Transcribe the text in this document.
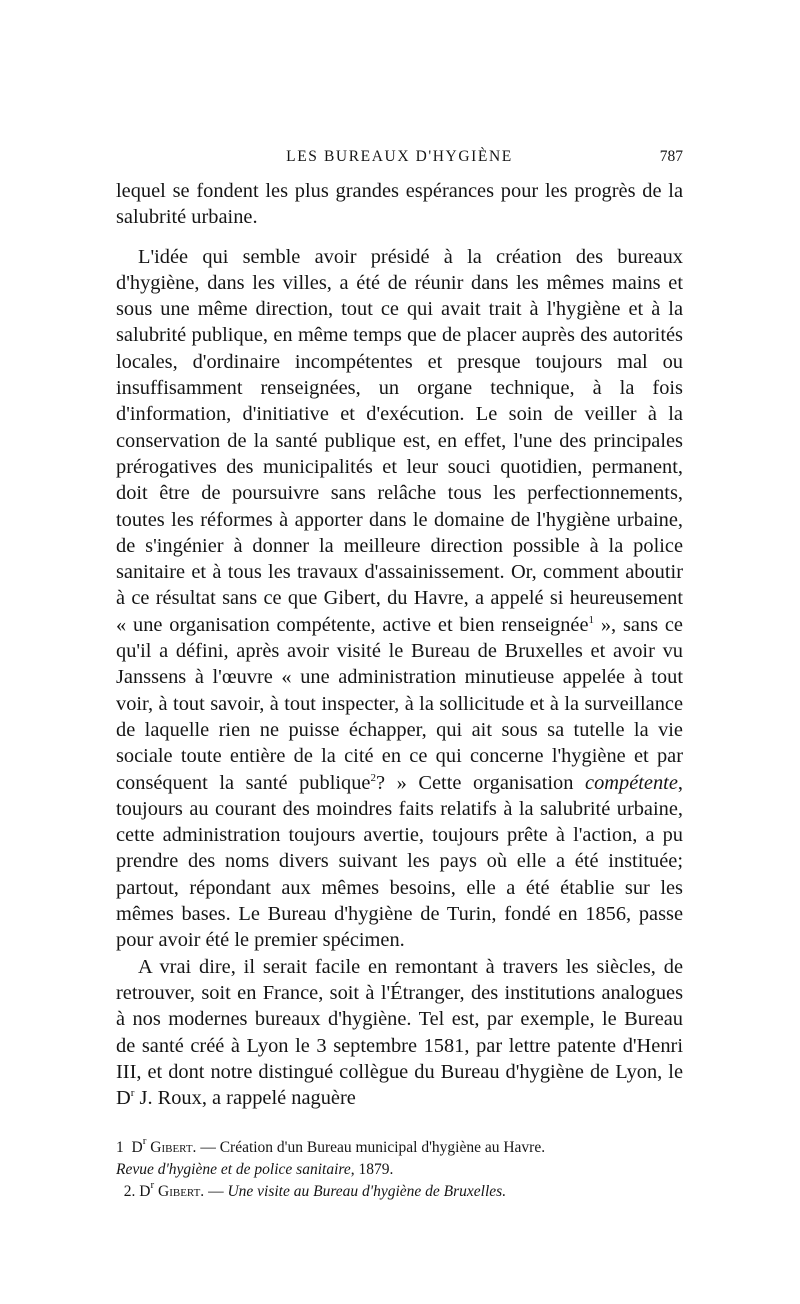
LES BUREAUX D'HYGIÈNE	787

lequel se fondent les plus grandes espérances pour les progrès de la salubrité urbaine.

L'idée qui semble avoir présidé à la création des bureaux d'hygiène, dans les villes, a été de réunir dans les mêmes mains et sous une même direction, tout ce qui avait trait à l'hygiène et à la salubrité publique, en même temps que de placer auprès des autorités locales, d'ordinaire incompétentes et presque toujours mal ou insuffisamment renseignées, un organe technique, à la fois d'information, d'initiative et d'exécution. Le soin de veiller à la conservation de la santé publique est, en effet, l'une des principales prérogatives des municipalités et leur souci quotidien, permanent, doit être de poursuivre sans relâche tous les perfectionnements, toutes les réformes à apporter dans le domaine de l'hygiène urbaine, de s'ingénier à donner la meilleure direction possible à la police sanitaire et à tous les travaux d'assainissement. Or, comment aboutir à ce résultat sans ce que Gibert, du Havre, a appelé si heureusement « une organisation compétente, active et bien renseignée$^1$ », sans ce qu'il a défini, après avoir visité le Bureau de Bruxelles et avoir vu Janssens à l'œuvre « une administration minutieuse appelée à tout voir, à tout savoir, à tout inspecter, à la sollicitude et à la surveillance de laquelle rien ne puisse échapper, qui ait sous sa tutelle la vie sociale toute entière de la cité en ce qui concerne l'hygiène et par conséquent la santé publique$^2$? » Cette organisation compétente, toujours au courant des moindres faits relatifs à la salubrité urbaine, cette administration toujours avertie, toujours prête à l'action, a pu prendre des noms divers suivant les pays où elle a été instituée; partout, répondant aux mêmes besoins, elle a été établie sur les mêmes bases. Le Bureau d'hygiène de Turin, fondé en 1856, passe pour avoir été le premier spécimen.

A vrai dire, il serait facile en remontant à travers les siècles, de retrouver, soit en France, soit à l'Étranger, des institutions analogues à nos modernes bureaux d'hygiène. Tel est, par exemple, le Bureau de santé créé à Lyon le 3 septembre 1581, par lettre patente d'Henri III, et dont notre distingué collègue du Bureau d'hygiène de Lyon, le $D^r$ J. Roux, a rappelé naguère

1 $D^r$ Gibert. — Création d'un Bureau municipal d'hygiène au Havre.
Revue d'hygiène et de police sanitaire, 1879.

2. $D^r$ Gibert. — Une visite au Bureau d'hygiène de Bruxelles.
